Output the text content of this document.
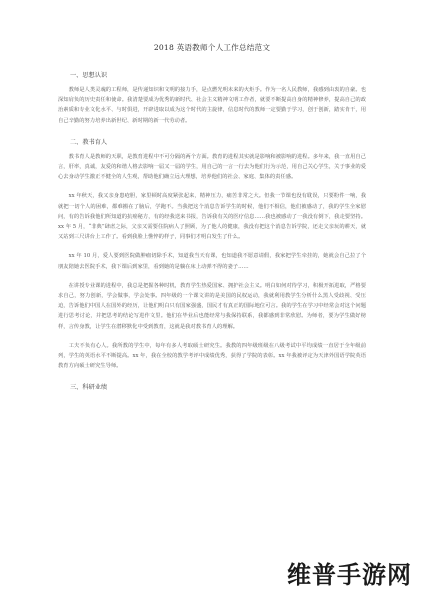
2018 英语教师个人工作总结范文
一、思想认识

教师是人类灵魂的工程师，是传递知识和文明的接力手，是点燃光明未来的火炬手。作为一名人民教师，我感到由衷的自豪。也深知肩负的历史责任和使命。我清楚要成为优秀的新时代、社会主义精神文明工作者，就要不断提高自身的精神修养，提高自己的政治素质和专业文化水平、与时俱进，开辟进取以成为这个时代的主旋律，信息时代的教师一定要勤于学习，创于创新，踏实肯干，用自己辛勤的努力培养出新世纪、新时期的新一代劳动者。

二、教书育人

教书育人是教师的天职，是教育进程中不可分隔的两个方面。教育的进程其实就是影响和被影响的进程。多年来，我一直用自己言，肝率，真诚，友爱的和谐人格去影响一届又一届的学生，用自己的一言一行去为他们行为示范，用自己关心学生，关于事业的爱心去身动学生激正不健全的人生观，帮助他们确立远大理想，培养他们的社会、家庭、集体的责任感。

xx 年秋天，我又亲身患疮胆，家里顿时高度紧张起来，精神压力，痛苦非常之大。但我一节课也没有耽误，只要粉件一响，我就把一切个人的困难，都难搬在了脑后，学跑不。当我把这个消息告诉学生的时候，他们不相信，他们被感动了，我的学生全家慰问，有的告诉我他们所知道的抗癌秘方，有的经我送来书报，告诉我有关的医疗信息……我也被感动了一我没有倒下，我走要坚持。xx 年 5 月，“非典”肆虐之际，父亲又需要住院病人了照顾，为了他人的健康，我没有把这个消息告诉学院，还走父亲玩的耕天，就又站到三尺讲台上工作了。看到我脸上憔悴的样子，同事们才明白发生了什么。

xx 年 10 月，爱人要到医院做肿瘤切除手术，知道我当天有课，也知道我不愿意请假，我家把学生牵挂的，她就会自己拉了个朋友陪她去医院手术，我下课后到家里，看到她的是躺在床上动弹不得的妻子……

在讲授专业课的进程中，我总是把握各种时机，教育学生热爱国家、拥护社会主义。明白如何对待学习，积极开拓进取，严格要求自己，努力创新，学会做事，学会处事。四年级的一个课文讲的是美国的民权运动，我就利用教学生分析什么黑人受歧视、受压迫，告诉他们中国人在国外的经历，让他们明白只有国家强盛，国民才有真正的国际地位可言。我的学生在学习中经常会对这个问题进行思考讨论，并把思考的结论写进作文里。他们在毕业后也能经常与我保持联系，我都感到非常欣慰。为师者，要为学生做好榜样，言传身教，让学生在潜移默化中受到教育，这就是我对教书育人的理解。

工夫不负有心人。我所教的学生中，每年有多人考取硕士研究生。我教的四年级班级在八级考试中平均成绩一直居于全年级前列，学生的英语水平不断提高。xx 年，我在全校的教学考评中成绩优秀，获得了学院的表彰。xx 年我被评定为天津外国语学院英语教育方向硕士研究生导师。

三、科研业绩
维普手游网
